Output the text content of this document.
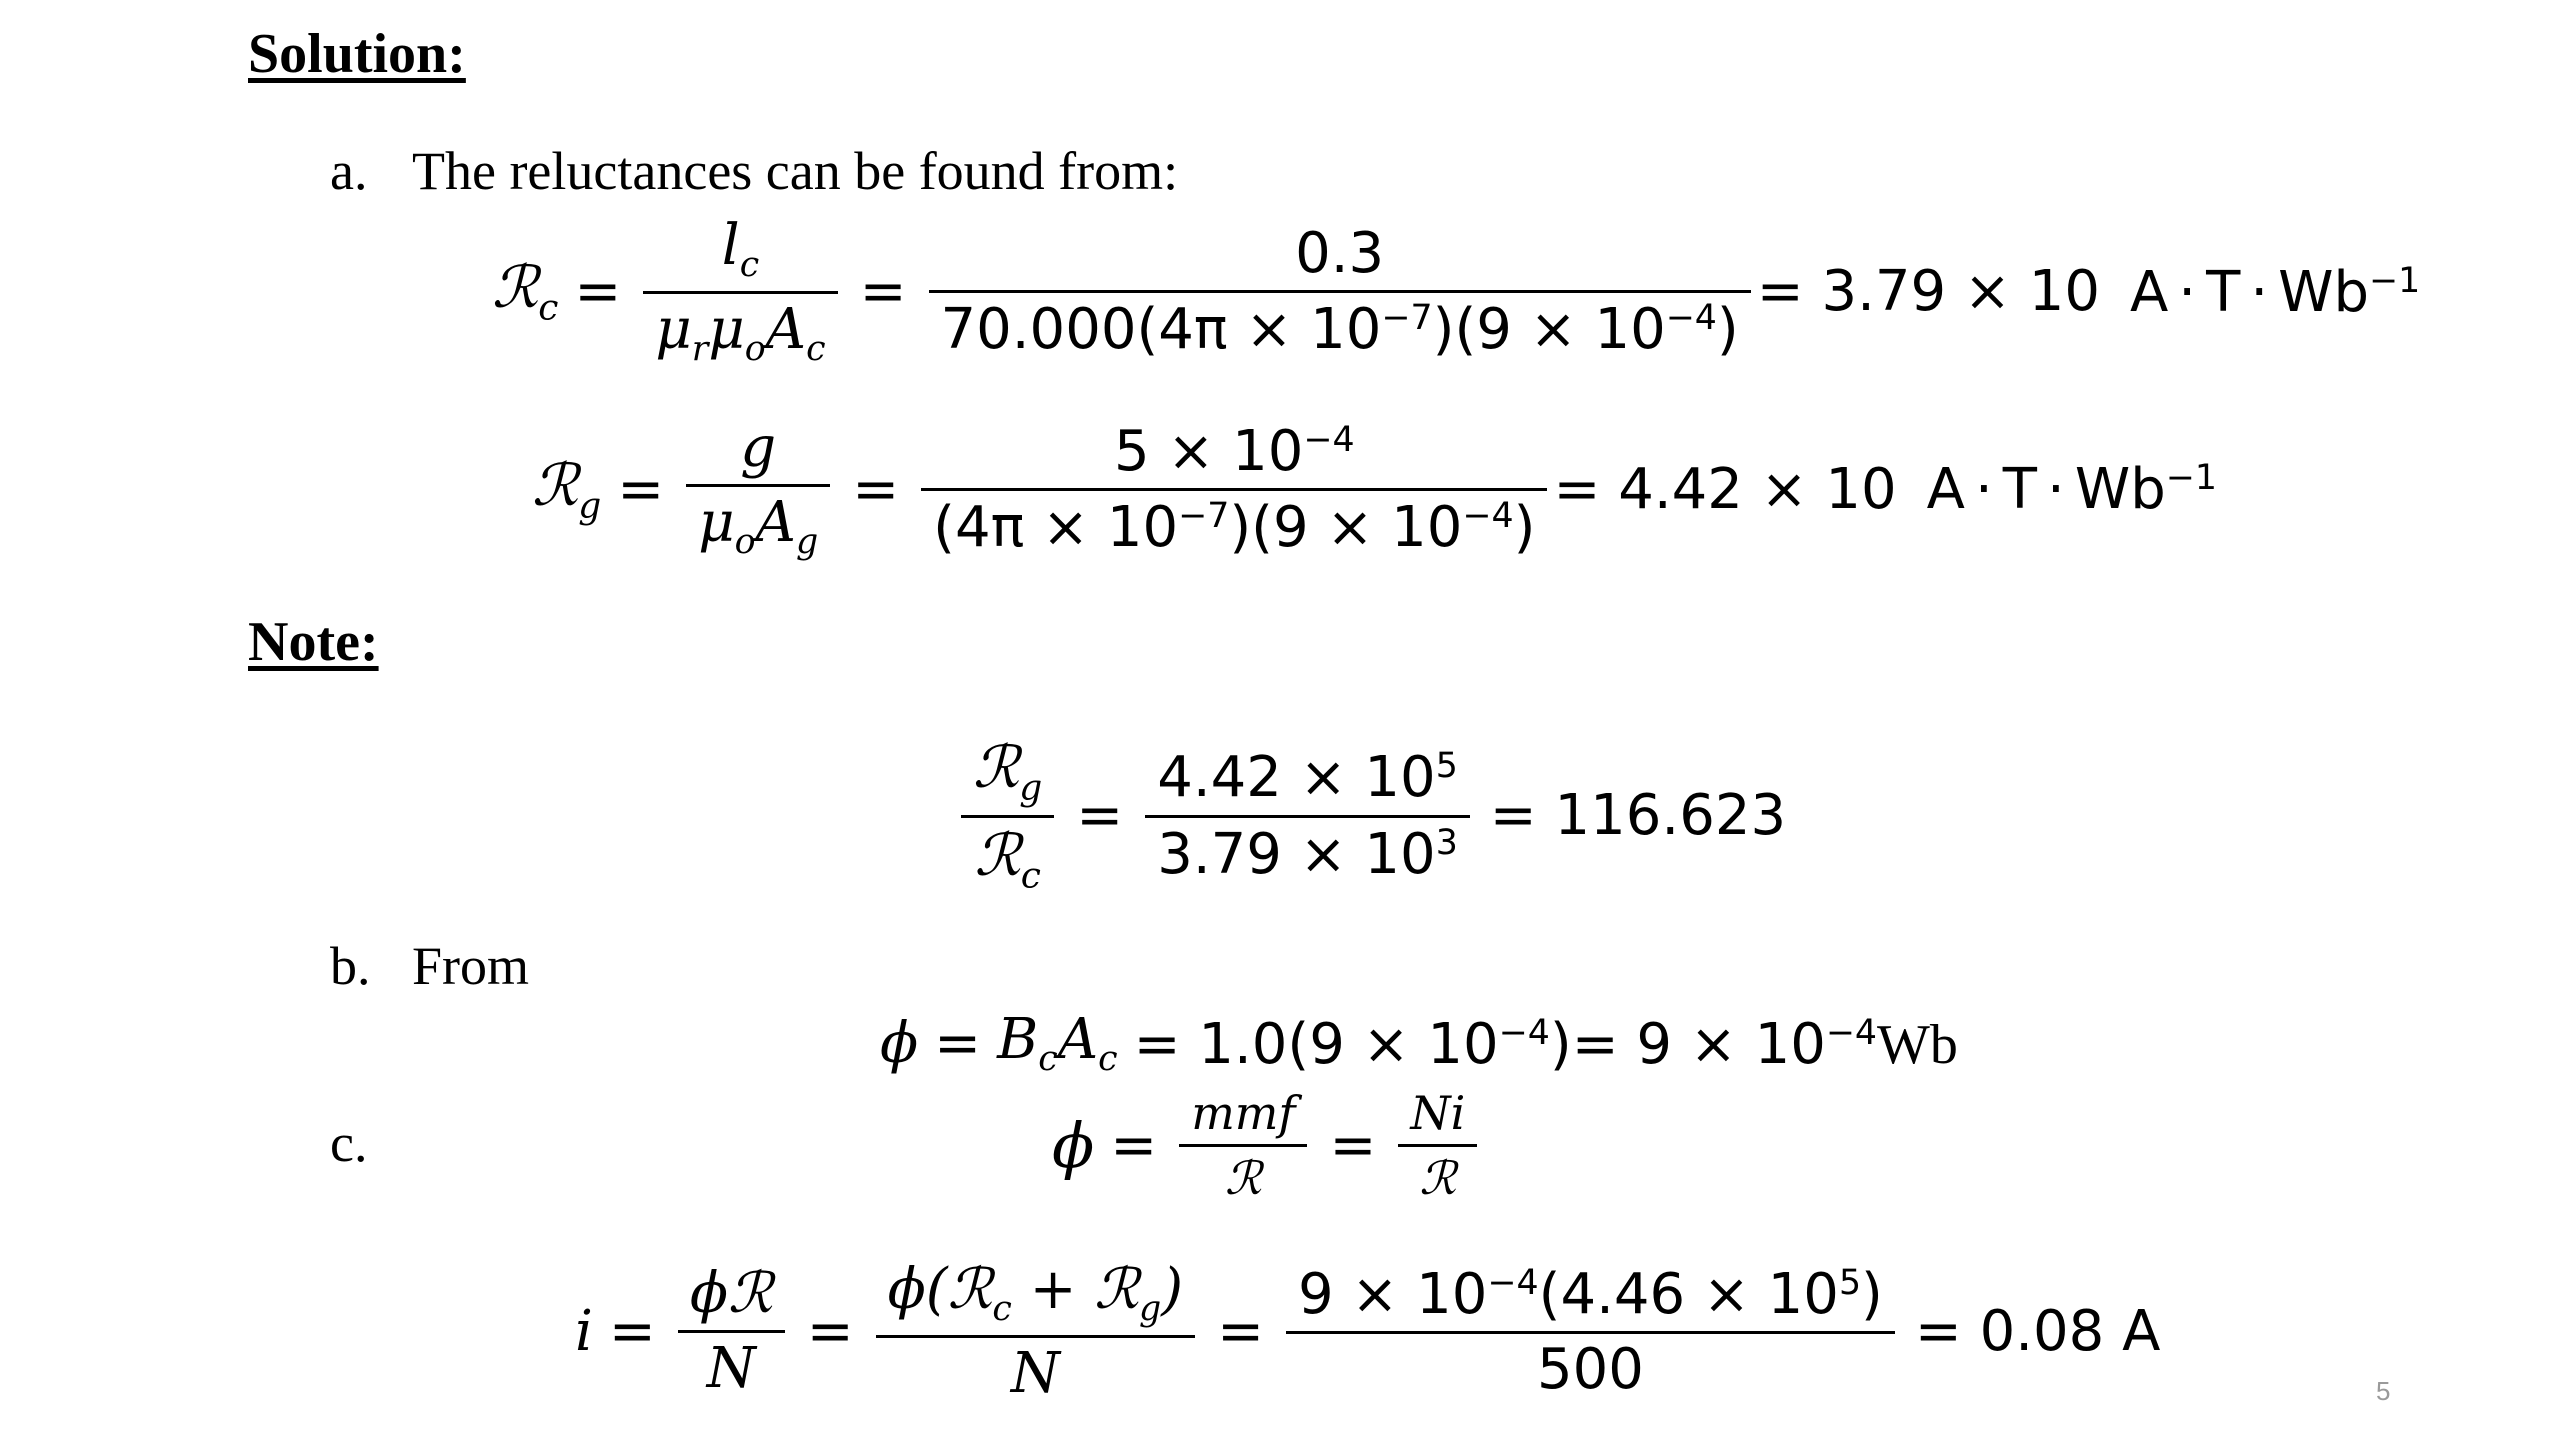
Solution:
a. The reluctances can be found from:
ℛ$_c$ = $\frac{l_c}{\mu_r\mu_oA_c} = \frac{0.3}{70.000(4\pi \times 10^{-7})(9 \times 10^{-4})} = 3.79 \times 10$ $A \cdot T \cdot Wb^{-1}$
ℛ$_g$ = $\frac{g}{\mu_oA_g} = \frac{5 \times 10^{-4}}{(4\pi \times 10^{-7})(9 \times 10^{-4})} = 4.42 \times 10$ $A \cdot T \cdot Wb^{-1}$
Note:
$\frac{ℛ_g}{ℛ_c} = \frac{4.42 \times 10^5}{3.79 \times 10^3} = 116.623$
b. From
$\phi = B_cA_c = 1.0(9 \times 10^{-4})= 9 \times 10^{-4}Wb$
c.	$\phi = \frac{\text{mmf}}{\text{ℛ}} = \frac{Ni}{\text{ℛ}}$
$i = \frac{\text{ϕℛ}}{N} = \frac{\phi(ℛ_c + ℛ_g)}{N} = \frac{9 \times 10^{-4}(4.46 \times 10^5)}{500} = 0.08$ A
5
